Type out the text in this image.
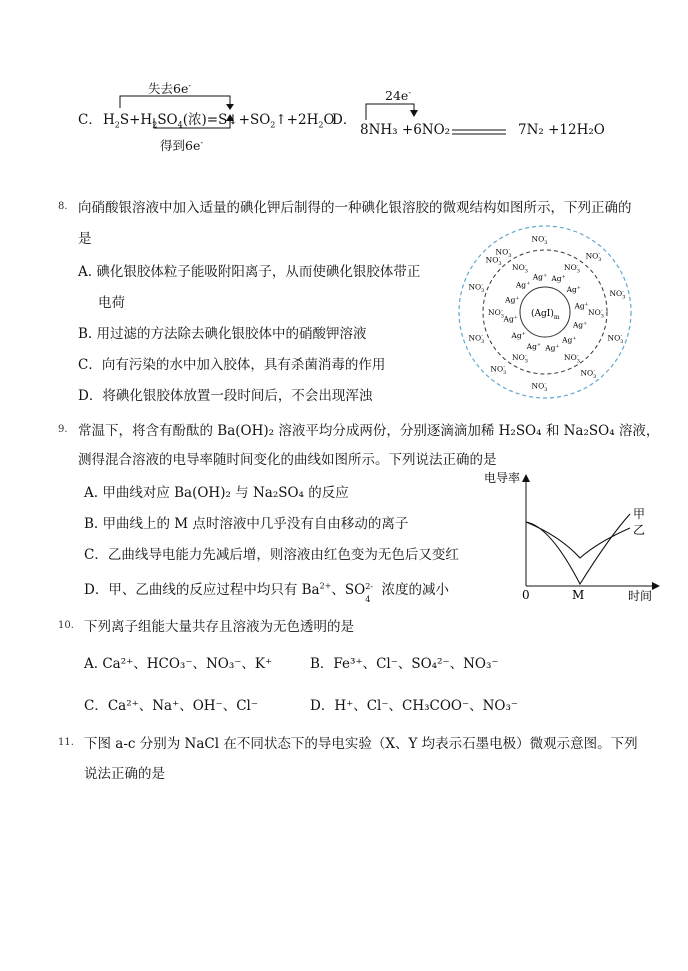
C．
失去6e-
$H_2S+H_2SO_4$(浓)$=S↓+SO_2↑+2H_2O$
得到6e-
D．
24e-
8NH₃ +6NO₂	7N₂ +12H₂O
8. 向硝酸银溶液中加入适量的碘化钾后制得的一种碘化银溶胶的微观结构如图所示，下列正确的
是
A. 碘化银胶体粒子能吸附阳离子，从而使碘化银胶体带正
电荷
B. 用过滤的方法除去碘化银胶体中的硝酸钾溶液
C．向有污染的水中加入胶体，具有杀菌消毒的作用
D．将碘化银胶体放置一段时间后，不会出现浑浊
$(AgI)_m$
Ag+ Ag+
Ag+
Ag+
Ag+
Ag+
Ag+
Ag+
Ag+
Ag+
Ag+
Ag+
$NO_3-$	$NO_3-$
$NO_3-$
$NO_3-$
$NO_3-$
$NO_3-$
$NO_3-$
$NO_3-$
$NO_3-$
$NO_3-$
$NO_3-$
$NO_3-$
$NO_3-$
$NO_3-$
$NO_3-$
$NO_3-$
$NO_3-$
9. 常温下，将含有酚酞的 Ba(OH)₂ 溶液平均分成两份，分别逐滴滴加稀 H₂SO₄ 和 Na₂SO₄ 溶液，
测得混合溶液的电导率随时间变化的曲线如图所示。下列说法正确的是
A. 甲曲线对应 Ba(OH)₂ 与 Na₂SO₄ 的反应
B. 甲曲线上的 M 点时溶液中几乎没有自由移动的离子
C．乙曲线导电能力先减后增，则溶液由红色变为无色后又变红
D．甲、乙曲线的反应过程中均只有 $Ba^{2+}$、SO 2-
4
浓度的减小
电导率
时间
0	M
甲
乙
10. 下列离子组能大量共存且溶液为无色透明的是
A. Ca²⁺、HCO₃⁻、NO₃⁻、K⁺	B．Fe³⁺、Cl⁻、SO₄²⁻、NO₃⁻
C．Ca²⁺、Na⁺、OH⁻、Cl⁻	D．H⁺、Cl⁻、CH₃COO⁻、NO₃⁻
11. 下图 a-c 分别为 NaCl 在不同状态下的导电实验（X、Y 均表示石墨电极）微观示意图。下列
说法正确的是
